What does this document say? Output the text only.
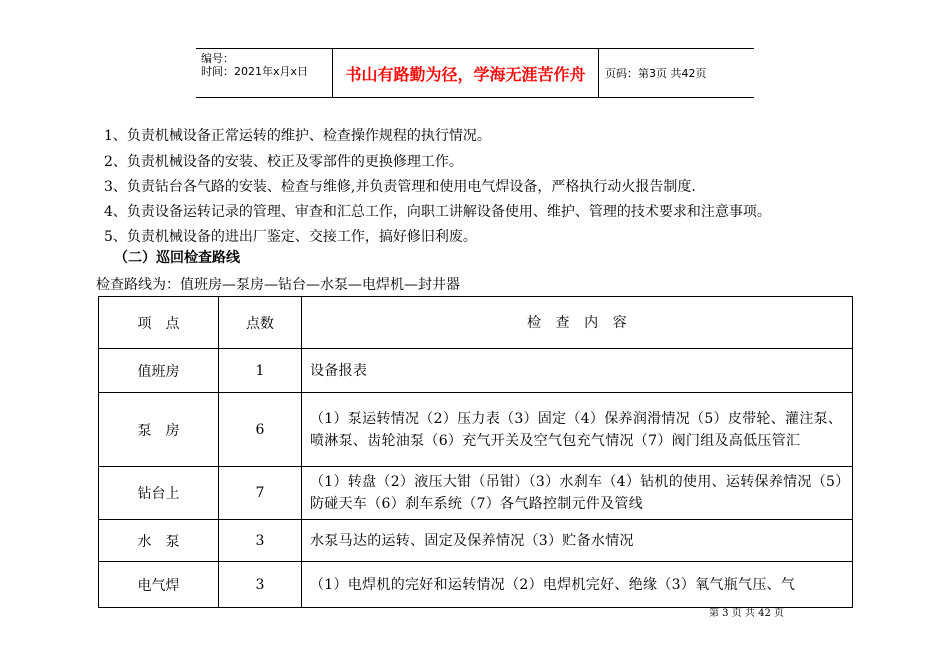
编号：
时间：2021年x月x日	书山有路勤为径，学海无涯苦作舟	页码：第3页 共42页
1、负责机械设备正常运转的维护、检查操作规程的执行情况。
2、负责机械设备的安装、校正及零部件的更换修理工作。
3、负责钻台各气路的安装、检查与维修,并负责管理和使用电气焊设备，严格执行动火报告制度.
4、负责设备运转记录的管理、审查和汇总工作，向职工讲解设备使用、维护、管理的技术要求和注意事项。
5、负责机械设备的进出厂鉴定、交接工作，搞好修旧利废。
（二）巡回检查路线
检查路线为：值班房—泵房—钻台—水泵—电焊机—封井器
项　点	点数	检　查　内　容
值班房	1	设备报表
泵　房	6	（1）泵运转情况（2）压力表（3）固定（4）保养润滑情况（5）皮带轮、灌注泵、喷淋泵、齿轮油泵（6）充气开关及空气包充气情况（7）阀门组及高低压管汇
钻台上	7	（1）转盘（2）液压大钳（吊钳）（3）水刹车（4）钻机的使用、运转保养情况（5）防碰天车（6）刹车系统（7）各气路控制元件及管线
水　泵	3	水泵马达的运转、固定及保养情况（3）贮备水情况
电气焊	3	（1）电焊机的完好和运转情况（2）电焊机完好、绝缘（3）氧气瓶气压、气
第 3 页 共 42 页
